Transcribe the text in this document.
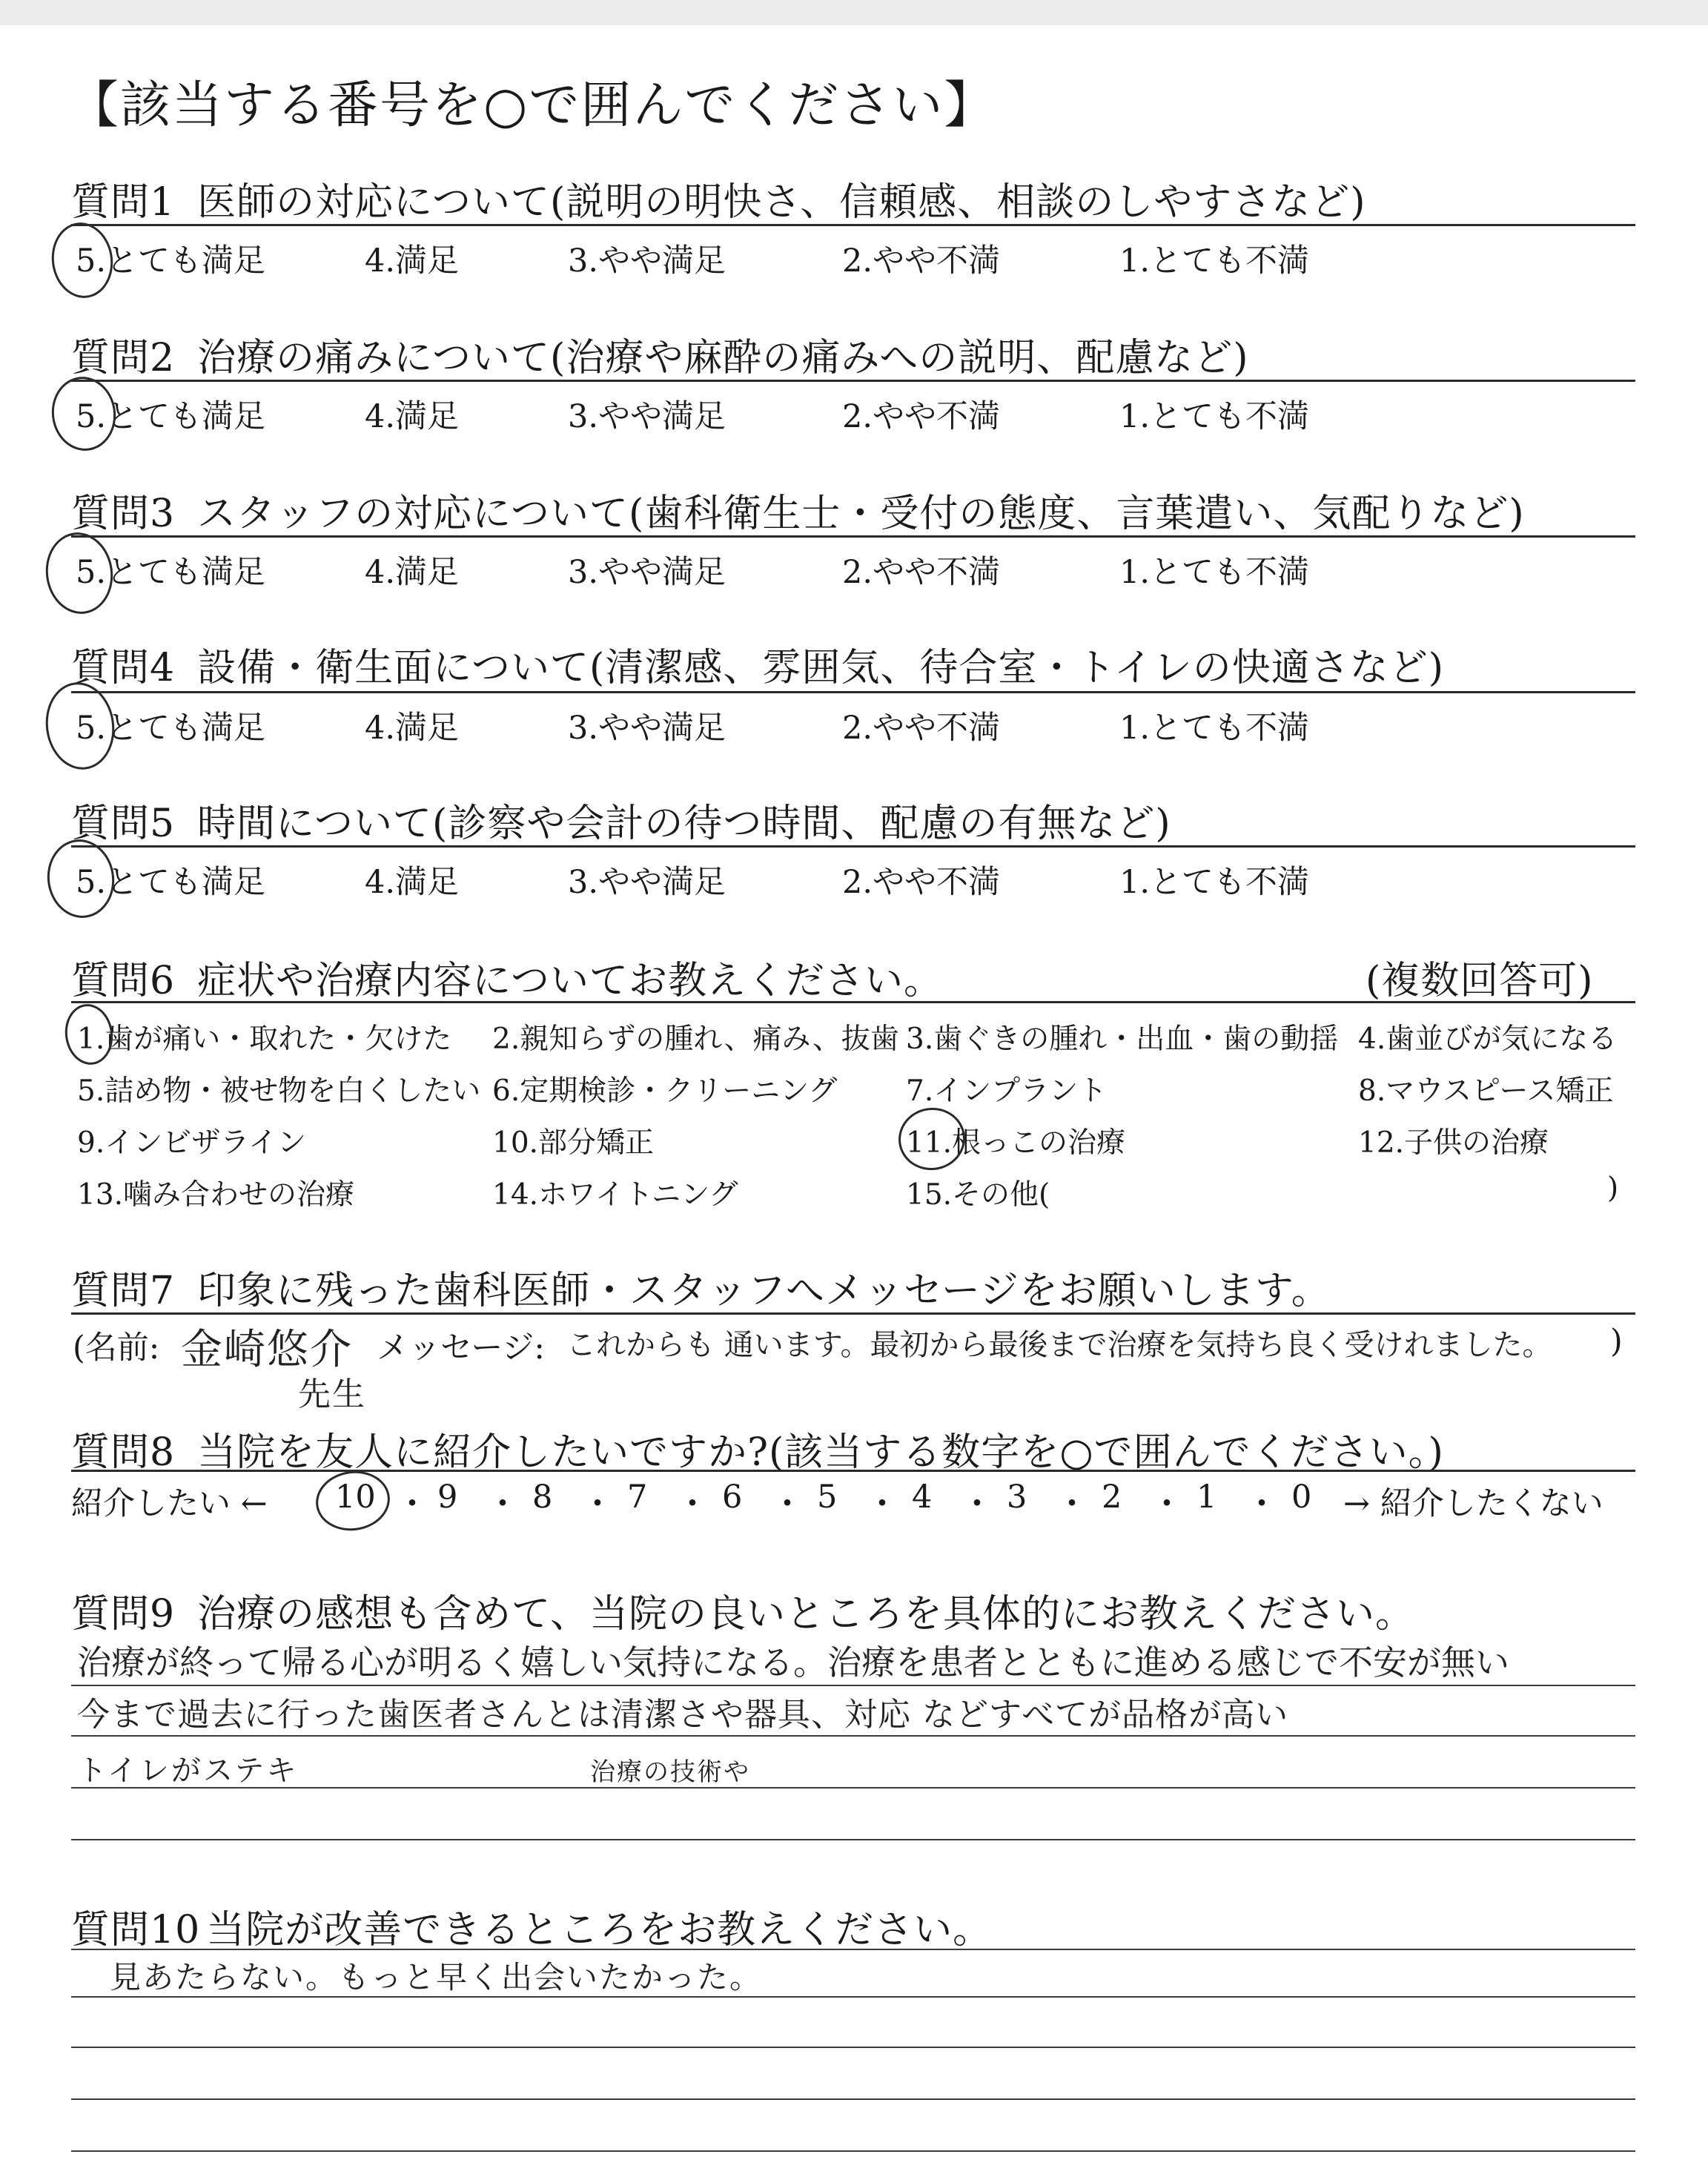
【該当する番号を○で囲んでください】
質問1 医師の対応について(説明の明快さ、信頼感、相談のしやすさなど)
5.とても満足	4.満足	3.やや満足	2.やや不満	1.とても不満
質問2 治療の痛みについて(治療や麻酔の痛みへの説明、配慮など)
5.とても満足	4.満足	3.やや満足	2.やや不満	1.とても不満
質問3 スタッフの対応について(歯科衛生士・受付の態度、言葉遣い、気配りなど)
5.とても満足	4.満足	3.やや満足	2.やや不満	1.とても不満
質問4 設備・衛生面について(清潔感、雰囲気、待合室・トイレの快適さなど)
5.とても満足	4.満足	3.やや満足	2.やや不満	1.とても不満
質問5 時間について(診察や会計の待つ時間、配慮の有無など)
5.とても満足	4.満足	3.やや満足	2.やや不満	1.とても不満
質問6 症状や治療内容についてお教えください。	(複数回答可)
1.歯が痛い・取れた・欠けた 2.親知らずの腫れ、痛み、抜歯 3.歯ぐきの腫れ・出血・歯の動揺 4.歯並びが気になる
5.詰め物・被せ物を白くしたい 6.定期検診・クリーニング 7.インプラント	8.マウスピース矯正
9.インビザライン	10.部分矯正	11.根っこの治療	12.子供の治療
13.噛み合わせの治療	14.ホワイトニング	15.その他(	)
質問7 印象に残った歯科医師・スタッフへメッセージをお願いします。
(名前: 金崎悠介
先生
メッセージ: これからも 通います。最初から最後まで治療を気持ち良く受けれました。 )
質問8 当院を友人に紹介したいですか?(該当する数字を○で囲んでください。)
紹介したい ← 10 ・ 9 ・ 8 ・ 7 ・ 6 ・ 5 ・ 4 ・ 3 ・ 2 ・ 1 ・ 0 → 紹介したくない
質問9 治療の感想も含めて、当院の良いところを具体的にお教えください。
治療が終って帰る心が明るく嬉しい気持になる。治療を患者とともに進める感じで不安が無い
今まで過去に行った歯医者さんとは清潔さや器具、対応 などすべてが品格が高い
トイレがステキ	治療の技術や
質問10 当院が改善できるところをお教えください。
見あたらない。もっと早く出会いたかった。
